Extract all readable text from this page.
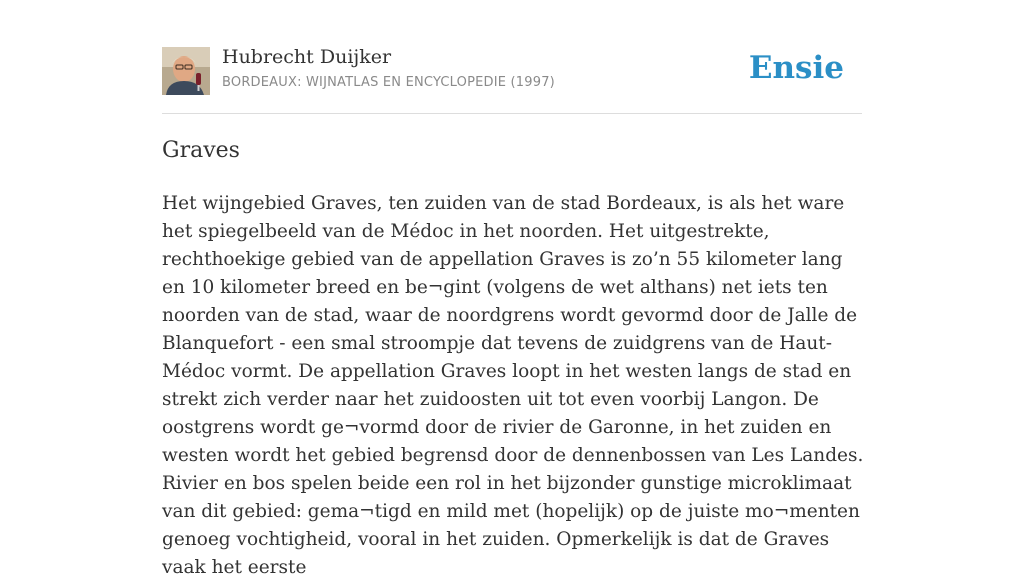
Hubrecht Duijker
BORDEAUX: WIJNATLAS EN ENCYCLOPEDIE (1997)	Ensie
Graves

Het wijngebied Graves, ten zuiden van de stad Bordeaux, is als het ware het spiegelbeeld van de Médoc in het noorden. Het uitgestrekte, rechthoekige gebied van de appellation Graves is zo’n 55 kilometer lang en 10 kilometer breed en be¬gint (volgens de wet althans) net iets ten noorden van de stad, waar de noordgrens wordt gevormd door de Jalle de Blanquefort - een smal stroompje dat tevens de zuidgrens van de Haut-Médoc vormt. De appellation Graves loopt in het westen langs de stad en strekt zich verder naar het zuidoosten uit tot even voorbij Langon. De oostgrens wordt ge¬vormd door de rivier de Garonne, in het zuiden en westen wordt het gebied begrensd door de dennenbossen van Les Landes. Rivier en bos spelen beide een rol in het bijzonder gunstige microklimaat van dit gebied: gema¬tigd en mild met (hopelijk) op de juiste mo¬menten genoeg vochtigheid, vooral in het zuiden. Opmerkelijk is dat de Graves vaak het eerste
